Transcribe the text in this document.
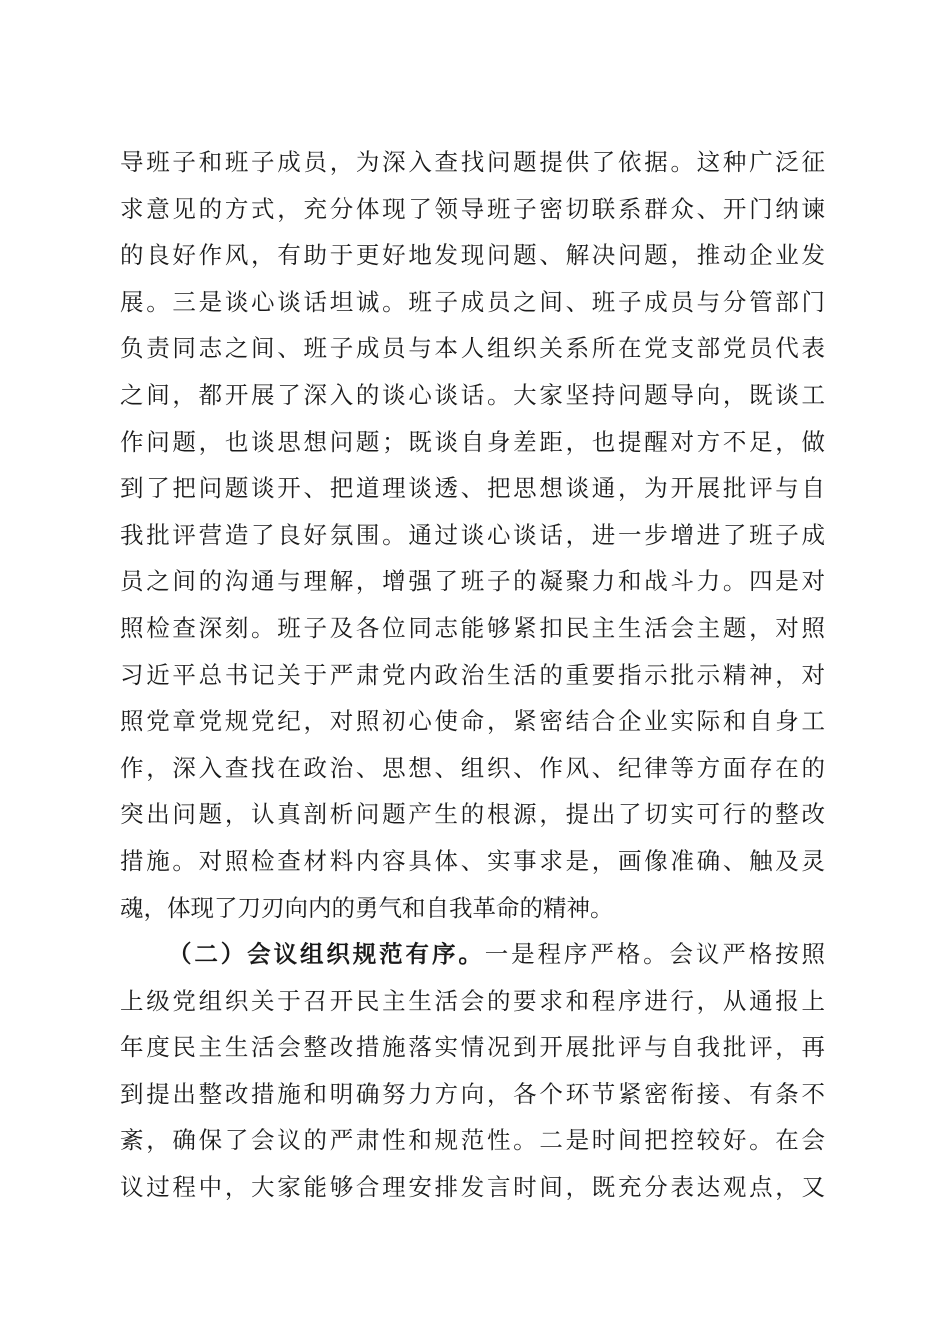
导班子和班子成员，为深入查找问题提供了依据。这种广泛征
求意见的方式，充分体现了领导班子密切联系群众、开门纳谏
的良好作风，有助于更好地发现问题、解决问题，推动企业发
展。三是谈心谈话坦诚。班子成员之间、班子成员与分管部门
负责同志之间、班子成员与本人组织关系所在党支部党员代表
之间，都开展了深入的谈心谈话。大家坚持问题导向，既谈工
作问题，也谈思想问题；既谈自身差距，也提醒对方不足，做
到了把问题谈开、把道理谈透、把思想谈通，为开展批评与自
我批评营造了良好氛围。通过谈心谈话，进一步增进了班子成
员之间的沟通与理解，增强了班子的凝聚力和战斗力。四是对
照检查深刻。班子及各位同志能够紧扣民主生活会主题，对照
习近平总书记关于严肃党内政治生活的重要指示批示精神，对
照党章党规党纪，对照初心使命，紧密结合企业实际和自身工
作，深入查找在政治、思想、组织、作风、纪律等方面存在的
突出问题，认真剖析问题产生的根源，提出了切实可行的整改
措施。对照检查材料内容具体、实事求是，画像准确、触及灵
魂，体现了刀刃向内的勇气和自我革命的精神。
（二）会议组织规范有序。一是程序严格。会议严格按照
上级党组织关于召开民主生活会的要求和程序进行，从通报上
年度民主生活会整改措施落实情况到开展批评与自我批评，再
到提出整改措施和明确努力方向，各个环节紧密衔接、有条不
紊，确保了会议的严肃性和规范性。二是时间把控较好。在会
议过程中，大家能够合理安排发言时间，既充分表达观点，又
